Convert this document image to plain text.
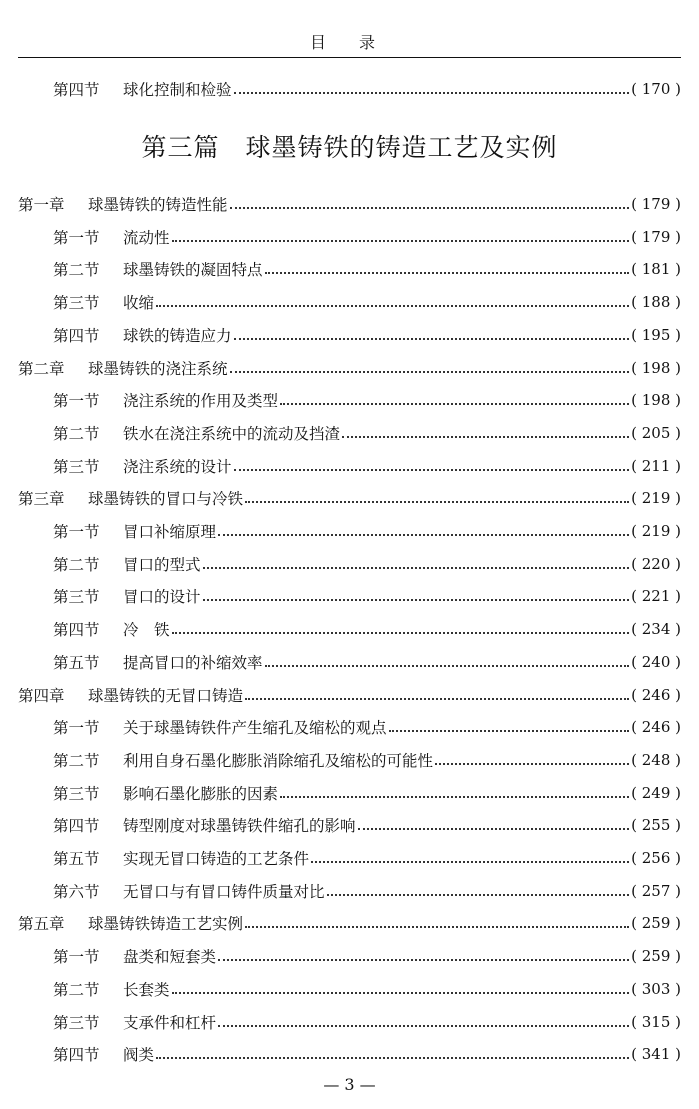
目 录
第四节	球化控制和检验	( 170 )
第三篇 球墨铸铁的铸造工艺及实例
第一章	球墨铸铁的铸造性能	( 179 )
第一节	流动性	( 179 )
第二节	球墨铸铁的凝固特点	( 181 )
第三节	收缩	( 188 )
第四节	球铁的铸造应力	( 195 )
第二章	球墨铸铁的浇注系统	( 198 )
第一节	浇注系统的作用及类型	( 198 )
第二节	铁水在浇注系统中的流动及挡渣	( 205 )
第三节	浇注系统的设计	( 211 )
第三章	球墨铸铁的冒口与冷铁	( 219 )
第一节	冒口补缩原理	( 219 )
第二节	冒口的型式	( 220 )
第三节	冒口的设计	( 221 )
第四节	冷　铁	( 234 )
第五节	提高冒口的补缩效率	( 240 )
第四章	球墨铸铁的无冒口铸造	( 246 )
第一节	关于球墨铸铁件产生缩孔及缩松的观点	( 246 )
第二节	利用自身石墨化膨胀消除缩孔及缩松的可能性	( 248 )
第三节	影响石墨化膨胀的因素	( 249 )
第四节	铸型刚度对球墨铸铁件缩孔的影响	( 255 )
第五节	实现无冒口铸造的工艺条件	( 256 )
第六节	无冒口与有冒口铸件质量对比	( 257 )
第五章	球墨铸铁铸造工艺实例	( 259 )
第一节	盘类和短套类	( 259 )
第二节	长套类	( 303 )
第三节	支承件和杠杆	( 315 )
第四节	阀类	( 341 )
— 3 —
